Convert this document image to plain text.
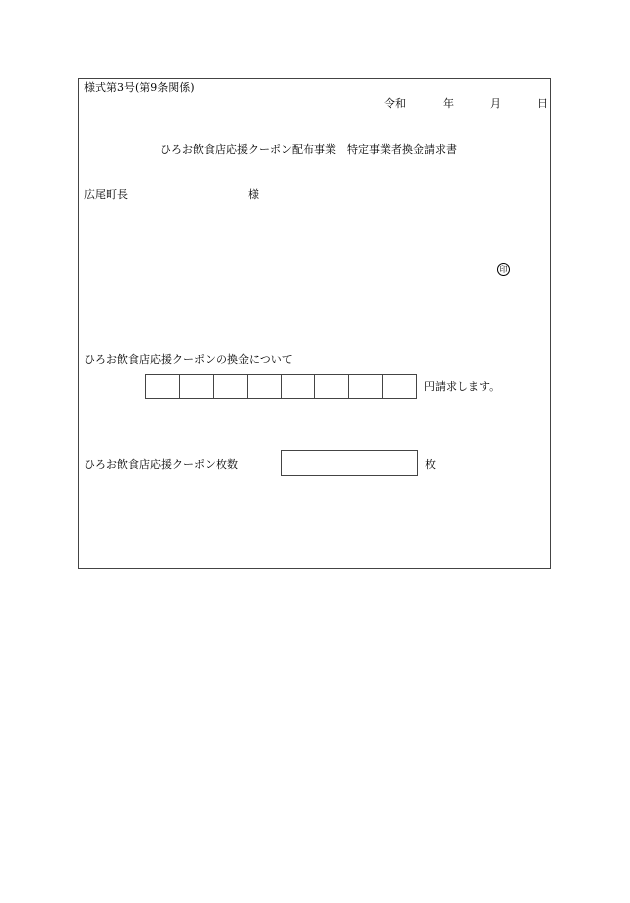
様式第3号(第9条関係)
令和	年	月	日
ひろお飲食店応援クーポン配布事業　特定事業者換金請求書
広尾町長	様
印
ひろお飲食店応援クーポンの換金について
円請求します。
ひろお飲食店応援クーポン枚数	枚
